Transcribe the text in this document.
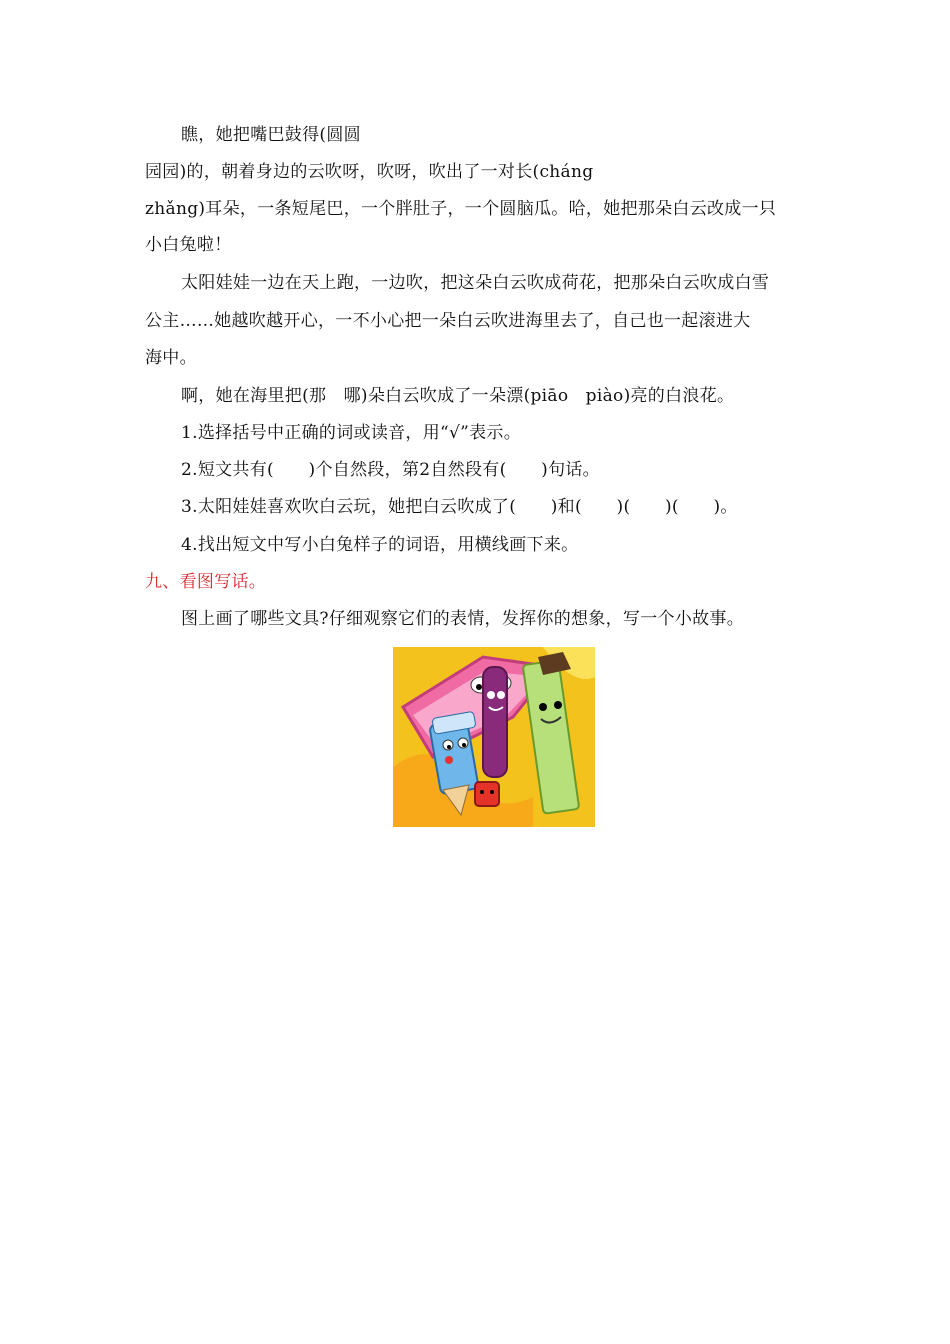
瞧，她把嘴巴鼓得(圆圆
园园)的，朝着身边的云吹呀，吹呀，吹出了一对长(cháng
zhǎng)耳朵，一条短尾巴，一个胖肚子，一个圆脑瓜。哈，她把那朵白云改成一只
小白兔啦！
太阳娃娃一边在天上跑，一边吹，把这朵白云吹成荷花，把那朵白云吹成白雪
公主……她越吹越开心，一不小心把一朵白云吹进海里去了，自己也一起滚进大
海中。
啊，她在海里把(那　哪)朵白云吹成了一朵漂(piāo　piào)亮的白浪花。
1.选择括号中正确的词或读音，用“√”表示。
2.短文共有(　　)个自然段，第2自然段有(　　)句话。
3.太阳娃娃喜欢吹白云玩，她把白云吹成了(　　)和(　　)(　　)(　　)。
4.找出短文中写小白兔样子的词语，用横线画下来。
九、看图写话。
图上画了哪些文具?仔细观察它们的表情，发挥你的想象，写一个小故事。
